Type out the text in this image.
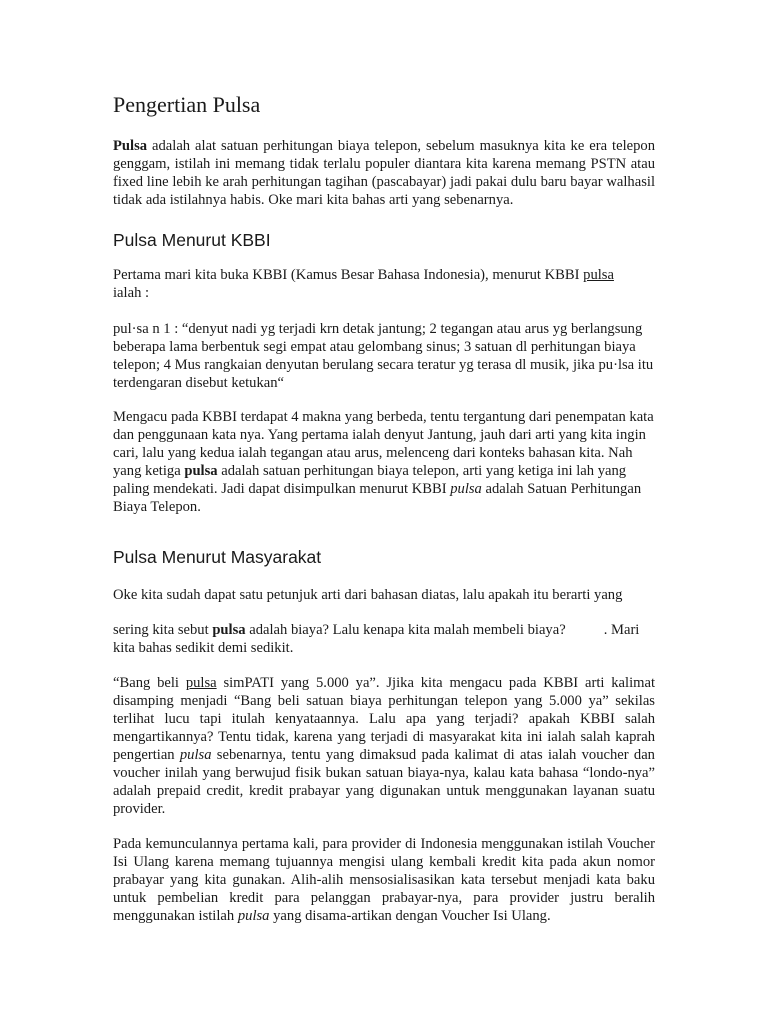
Pengertian Pulsa

Pulsa adalah alat satuan perhitungan biaya telepon, sebelum masuknya kita ke era telepon genggam, istilah ini memang tidak terlalu populer diantara kita karena memang PSTN atau fixed line lebih ke arah perhitungan tagihan (pascabayar) jadi pakai dulu baru bayar walhasil tidak ada istilahnya habis. Oke mari kita bahas arti yang sebenarnya.

Pulsa Menurut KBBI

Pertama mari kita buka KBBI (Kamus Besar Bahasa Indonesia), menurut KBBI pulsa
ialah :

pul·sa n 1 : “denyut nadi yg terjadi krn detak jantung; 2 tegangan atau arus yg berlangsung beberapa lama berbentuk segi empat atau gelombang sinus; 3 satuan dl perhitungan biaya telepon; 4 Mus rangkaian denyutan berulang secara teratur yg terasa dl musik, jika pu·lsa itu terdengaran disebut ketukan“

Mengacu pada KBBI terdapat 4 makna yang berbeda, tentu tergantung dari penempatan kata dan penggunaan kata nya. Yang pertama ialah denyut Jantung, jauh dari arti yang kita ingin cari, lalu yang kedua ialah tegangan atau arus, melenceng dari konteks bahasan kita. Nah yang ketiga pulsa adalah satuan perhitungan biaya telepon, arti yang ketiga ini lah yang paling mendekati. Jadi dapat disimpulkan menurut KBBI pulsa adalah Satuan Perhitungan Biaya Telepon.

Pulsa Menurut Masyarakat

Oke kita sudah dapat satu petunjuk arti dari bahasan diatas, lalu apakah itu berarti yang

sering kita sebut pulsa adalah biaya? Lalu kenapa kita malah membeli biaya?	. Mari kita bahas sedikit demi sedikit.

“Bang beli pulsa simPATI yang 5.000 ya”. Jjika kita mengacu pada KBBI arti kalimat disamping menjadi “Bang beli satuan biaya perhitungan telepon yang 5.000 ya” sekilas terlihat lucu tapi itulah kenyataannya. Lalu apa yang terjadi? apakah KBBI salah mengartikannya? Tentu tidak, karena yang terjadi di masyarakat kita ini ialah salah kaprah pengertian pulsa sebenarnya, tentu yang dimaksud pada kalimat di atas ialah voucher dan voucher inilah yang berwujud fisik bukan satuan biaya-nya, kalau kata bahasa “londo-nya” adalah prepaid credit, kredit prabayar yang digunakan untuk menggunakan layanan suatu provider.

Pada kemunculannya pertama kali, para provider di Indonesia menggunakan istilah Voucher Isi Ulang karena memang tujuannya mengisi ulang kembali kredit kita pada akun nomor prabayar yang kita gunakan. Alih-alih mensosialisasikan kata tersebut menjadi kata baku untuk pembelian kredit para pelanggan prabayar-nya, para provider justru beralih menggunakan istilah pulsa yang disama-artikan dengan Voucher Isi Ulang.
